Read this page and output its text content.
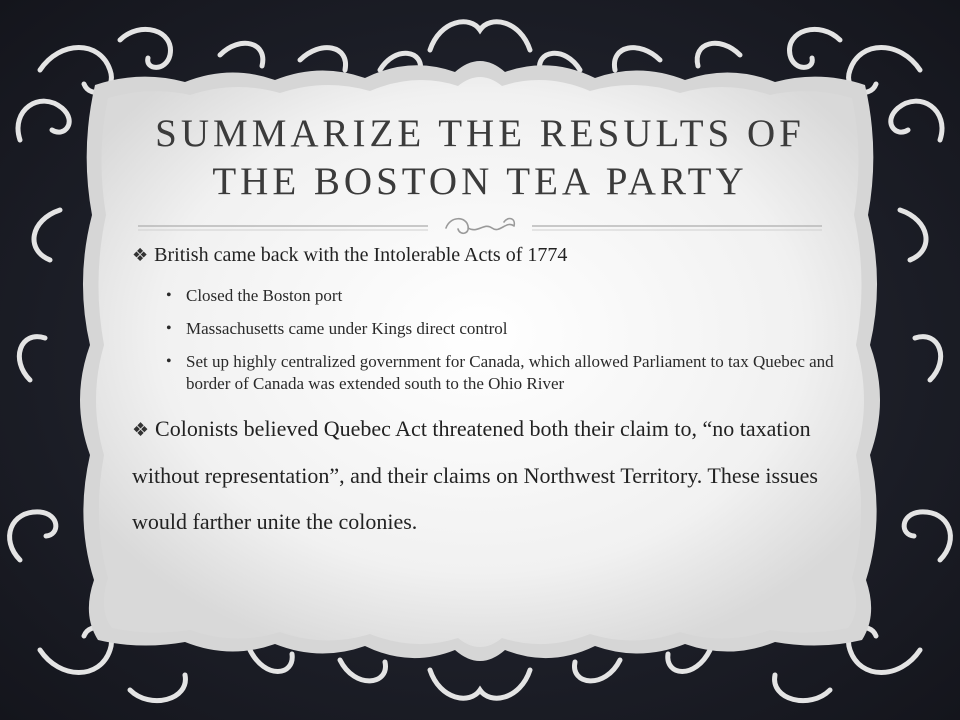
SUMMARIZE THE RESULTS OF
THE BOSTON TEA PARTY

❖ British came back with the Intolerable Acts of 1774

• Closed the Boston port
• Massachusetts came under Kings direct control
• Set up highly centralized government for Canada, which allowed Parliament to tax Quebec and border of Canada was extended south to the Ohio River

❖ Colonists believed Quebec Act threatened both their claim to, “no taxation without representation”, and their claims on Northwest Territory. These issues would farther unite the colonies.
